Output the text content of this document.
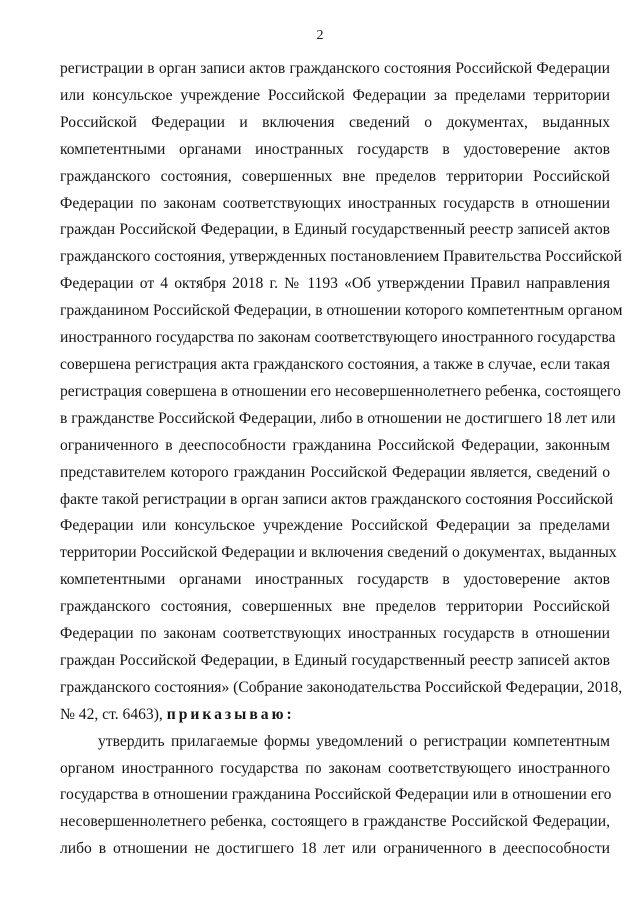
2
регистрации в орган записи актов гражданского состояния Российской Федерации
или консульское учреждение Российской Федерации за пределами территории
Российской Федерации и включения сведений о документах, выданных
компетентными органами иностранных государств в удостоверение актов
гражданского состояния, совершенных вне пределов территории Российской
Федерации по законам соответствующих иностранных государств в отношении
граждан Российской Федерации, в Единый государственный реестр записей актов
гражданского состояния, утвержденных постановлением Правительства Российской
Федерации от 4 октября 2018 г. № 1193 «Об утверждении Правил направления
гражданином Российской Федерации, в отношении которого компетентным органом
иностранного государства по законам соответствующего иностранного государства
совершена регистрация акта гражданского состояния, а также в случае, если такая
регистрация совершена в отношении его несовершеннолетнего ребенка, состоящего
в гражданстве Российской Федерации, либо в отношении не достигшего 18 лет или
ограниченного в дееспособности гражданина Российской Федерации, законным
представителем которого гражданин Российской Федерации является, сведений о
факте такой регистрации в орган записи актов гражданского состояния Российской
Федерации или консульское учреждение Российской Федерации за пределами
территории Российской Федерации и включения сведений о документах, выданных
компетентными органами иностранных государств в удостоверение актов
гражданского состояния, совершенных вне пределов территории Российской
Федерации по законам соответствующих иностранных государств в отношении
граждан Российской Федерации, в Единый государственный реестр записей актов
гражданского состояния» (Собрание законодательства Российской Федерации, 2018,
№ 42, ст. 6463), приказываю:
утвердить прилагаемые формы уведомлений о регистрации компетентным
органом иностранного государства по законам соответствующего иностранного
государства в отношении гражданина Российской Федерации или в отношении его
несовершеннолетнего ребенка, состоящего в гражданстве Российской Федерации,
либо в отношении не достигшего 18 лет или ограниченного в дееспособности
